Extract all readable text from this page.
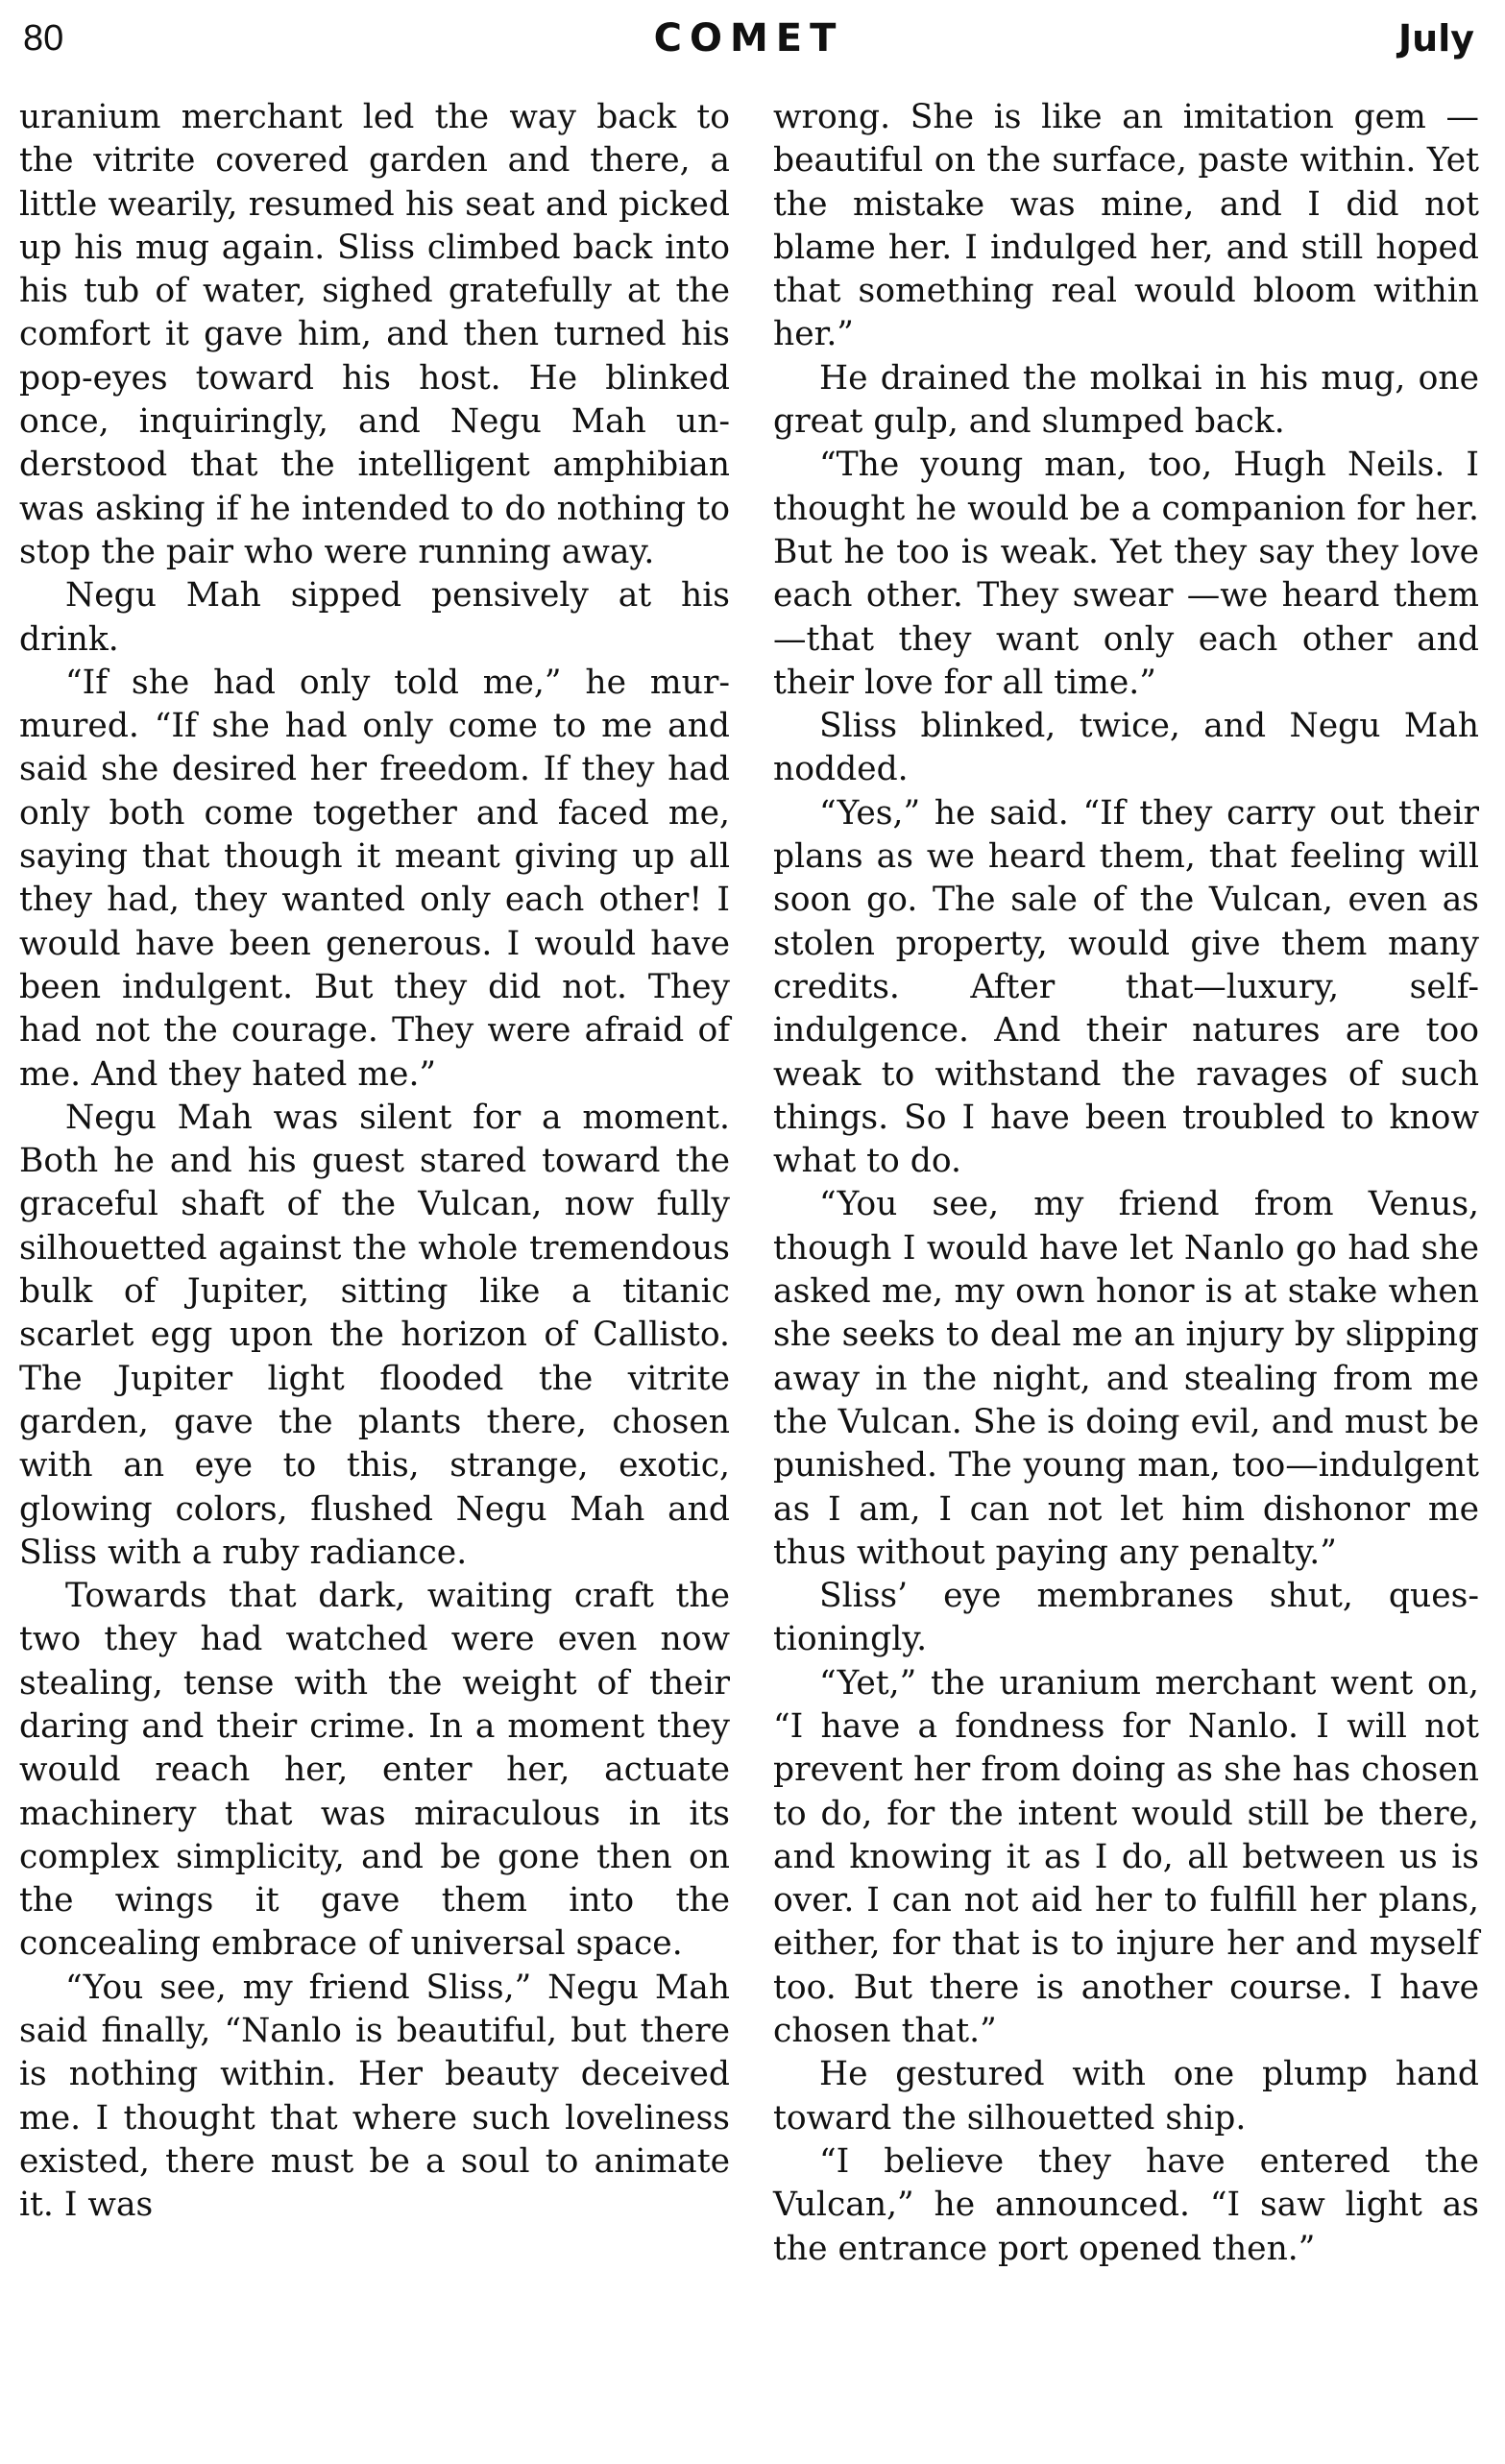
80	COMET	July

uranium merchant led the way back to the vitrite covered garden and there, a little wearily, resumed his seat and picked up his mug again. Sliss climbed back into his tub of water, sighed gratefully at the comfort it gave him, and then turned his pop-eyes toward his host. He blinked once, inquiringly, and Negu Mah understood that the intelligent amphibian was asking if he intended to do nothing to stop the pair who were running away.

Negu Mah sipped pensively at his drink.

“If she had only told me,” he murmured. “If she had only come to me and said she desired her freedom. If they had only both come together and faced me, saying that though it meant giving up all they had, they wanted only each other! I would have been generous. I would have been indulgent. But they did not. They had not the courage. They were afraid of me. And they hated me.”

Negu Mah was silent for a moment. Both he and his guest stared toward the graceful shaft of the Vulcan, now fully silhouetted against the whole tremendous bulk of Jupiter, sitting like a titanic scarlet egg upon the horizon of Callisto. The Jupiter light flooded the vitrite garden, gave the plants there, chosen with an eye to this, strange, exotic, glowing colors, flushed Negu Mah and Sliss with a ruby radiance.

Towards that dark, waiting craft the two they had watched were even now stealing, tense with the weight of their daring and their crime. In a moment they would reach her, enter her, actuate machinery that was miraculous in its complex simplicity, and be gone then on the wings it gave them into the concealing embrace of universal space.

“You see, my friend Sliss,” Negu Mah said finally, “Nanlo is beautiful, but there is nothing within. Her beauty deceived me. I thought that where such loveliness existed, there must be a soul to animate it. I was

wrong. She is like an imitation gem —beautiful on the surface, paste within. Yet the mistake was mine, and I did not blame her. I indulged her, and still hoped that something real would bloom within her.”

He drained the molkai in his mug, one great gulp, and slumped back.

“The young man, too, Hugh Neils. I thought he would be a companion for her. But he too is weak. Yet they say they love each other. They swear —we heard them—that they want only each other and their love for all time.”

Sliss blinked, twice, and Negu Mah nodded.

“Yes,” he said. “If they carry out their plans as we heard them, that feeling will soon go. The sale of the Vulcan, even as stolen property, would give them many credits. After that—luxury, self-indulgence. And their natures are too weak to withstand the ravages of such things. So I have been troubled to know what to do.

“You see, my friend from Venus, though I would have let Nanlo go had she asked me, my own honor is at stake when she seeks to deal me an injury by slipping away in the night, and stealing from me the Vulcan. She is doing evil, and must be punished. The young man, too—indulgent as I am, I can not let him dishonor me thus without paying any penalty.”

Sliss’ eye membranes shut, questioningly.

“Yet,” the uranium merchant went on, “I have a fondness for Nanlo. I will not prevent her from doing as she has chosen to do, for the intent would still be there, and knowing it as I do, all between us is over. I can not aid her to fulfill her plans, either, for that is to injure her and myself too. But there is another course. I have chosen that.”

He gestured with one plump hand toward the silhouetted ship.

“I believe they have entered the Vulcan,” he announced. “I saw light as the entrance port opened then.”
